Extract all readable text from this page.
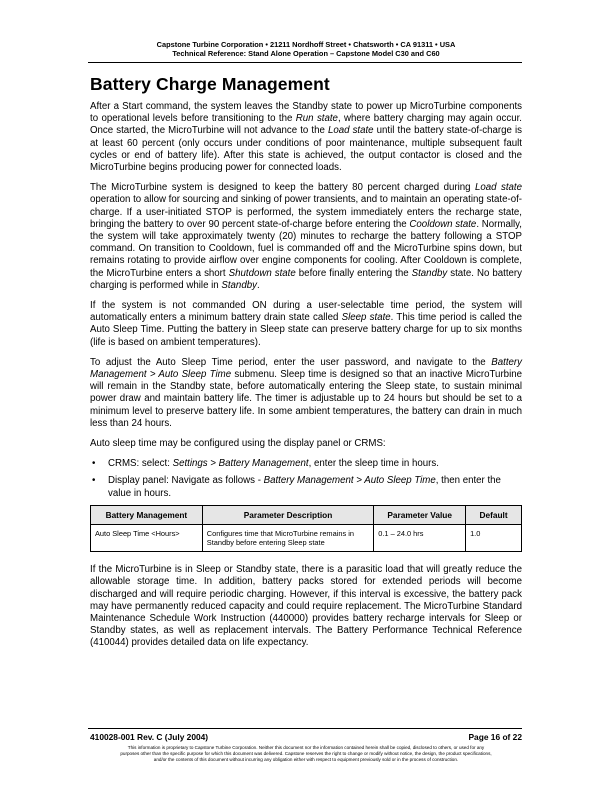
Capstone Turbine Corporation • 21211 Nordhoff Street • Chatsworth • CA 91311 • USA
Technical Reference: Stand Alone Operation – Capstone Model C30 and C60
Battery Charge Management

After a Start command, the system leaves the Standby state to power up MicroTurbine components to operational levels before transitioning to the Run state, where battery charging may again occur. Once started, the MicroTurbine will not advance to the Load state until the battery state-of-charge is at least 60 percent (only occurs under conditions of poor maintenance, multiple subsequent fault cycles or end of battery life). After this state is achieved, the output contactor is closed and the MicroTurbine begins producing power for connected loads.

The MicroTurbine system is designed to keep the battery 80 percent charged during Load state operation to allow for sourcing and sinking of power transients, and to maintain an operating state-of-charge. If a user-initiated STOP is performed, the system immediately enters the recharge state, bringing the battery to over 90 percent state-of-charge before entering the Cooldown state. Normally, the system will take approximately twenty (20) minutes to recharge the battery following a STOP command. On transition to Cooldown, fuel is commanded off and the MicroTurbine spins down, but remains rotating to provide airflow over engine components for cooling. After Cooldown is complete, the MicroTurbine enters a short Shutdown state before finally entering the Standby state. No battery charging is performed while in Standby.

If the system is not commanded ON during a user-selectable time period, the system will automatically enters a minimum battery drain state called Sleep state. This time period is called the Auto Sleep Time. Putting the battery in Sleep state can preserve battery charge for up to six months (life is based on ambient temperatures).

To adjust the Auto Sleep Time period, enter the user password, and navigate to the Battery Management > Auto Sleep Time submenu. Sleep time is designed so that an inactive MicroTurbine will remain in the Standby state, before automatically entering the Sleep state, to sustain minimal power draw and maintain battery life. The timer is adjustable up to 24 hours but should be set to a minimum level to preserve battery life. In some ambient temperatures, the battery can drain in much less than 24 hours.

Auto sleep time may be configured using the display panel or CRMS:

• CRMS: select: Settings > Battery Management, enter the sleep time in hours.
• Display panel: Navigate as follows - Battery Management > Auto Sleep Time, then enter the value in hours.
Battery Management	Parameter Description	Parameter Value	Default
Auto Sleep Time <Hours>	Configures time that MicroTurbine remains in Standby before entering Sleep state	0.1 – 24.0 hrs	1.0

If the MicroTurbine is in Sleep or Standby state, there is a parasitic load that will greatly reduce the allowable storage time. In addition, battery packs stored for extended periods will become discharged and will require periodic charging. However, if this interval is excessive, the battery pack may have permanently reduced capacity and could require replacement. The MicroTurbine Standard Maintenance Schedule Work Instruction (440000) provides battery recharge intervals for Sleep or Standby states, as well as replacement intervals. The Battery Performance Technical Reference (410044) provides detailed data on life expectancy.

410028-001 Rev. C (July 2004)	Page 16 of 22
This information is proprietary to Capstone Turbine Corporation. Neither this document nor the information contained herein shall be copied, disclosed to others, or used for any
purposes other than the specific purpose for which this document was delivered. Capstone reserves the right to change or modify without notice, the design, the product specifications,
and/or the contents of this document without incurring any obligation either with respect to equipment previously sold or in the process of construction.
